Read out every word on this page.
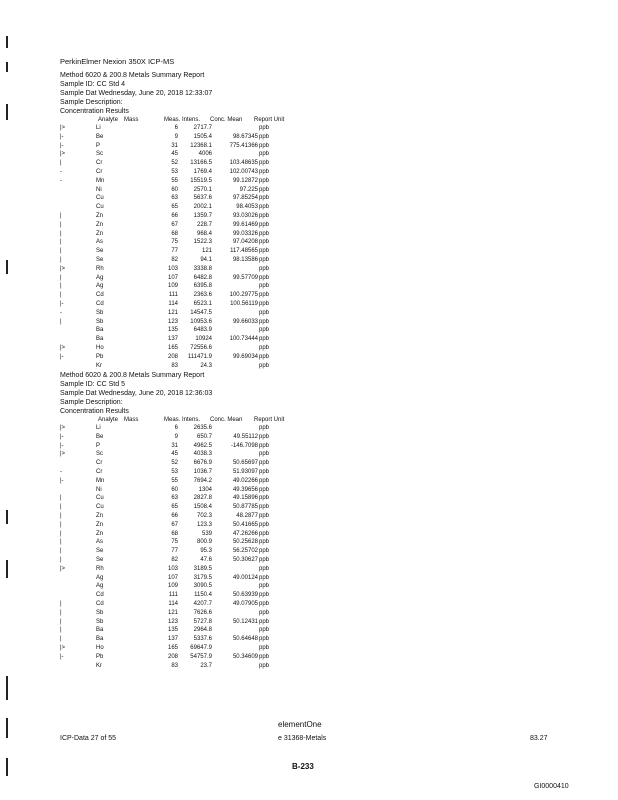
PerkinElmer Nexion 350X ICP-MS
Method 6020 & 200.8 Metals Summary Report
Sample ID: CC Std 4
Sample Dat Wednesday, June 20, 2018 12:33:07
Sample Description:
Concentration Results
Analyte Mass	Meas. Intens. Conc. Mean Report Unit
|>	Li	6	2717.7	ppb
|-	Be	9	1505.4	98.67345 ppb
|-	P	31	12368.1	775.41366 ppb
|>	Sc	45	4006	ppb
|	Cr	52	13166.5	103.48635 ppb
-	Cr	53	1769.4	102.00743 ppb
-	Mn	55	15519.5	99.12872 ppb
Ni	60	2570.1	97.225 ppb
Cu	63	5637.6	97.85254 ppb
Cu	65	2002.1	98.4053 ppb
|	Zn	66	1359.7	93.03026 ppb
|	Zn	67	228.7	99.61469 ppb
|	Zn	68	968.4	99.03326 ppb
|	As	75	1522.3	97.04208 ppb
|	Se	77	121	117.48565 ppb
|	Se	82	94.1	98.13586 ppb
|>	Rh	103	3338.8	ppb
|	Ag	107	6482.8	99.57709 ppb
|	Ag	109	6395.8	ppb
|	Cd	111	2363.6	100.29775 ppb
|-	Cd	114	6523.1	100.56119 ppb
-	Sb	121	14547.5	ppb
|	Sb	123	10953.6	99.66033 ppb
Ba	135	6483.9	ppb
Ba	137	10924	100.73444 ppb
|>	Ho	165	72556.6	ppb
|-	Pb	208	111471.9	99.69034 ppb
Kr	83	24.3	ppb
Method 6020 & 200.8 Metals Summary Report
Sample ID: CC Std 5
Sample Dat Wednesday, June 20, 2018 12:36:03
Sample Description:
Concentration Results
Analyte Mass	Meas. Intens. Conc. Mean Report Unit
|>	Li	6	2635.6	ppb
|-	Be	9	650.7	49.55112 ppb
|-	P	31	4962.5	-146.7098 ppb
|>	Sc	45	4038.3	ppb
Cr	52	6676.9	50.65697 ppb
-	Cr	53	1036.7	51.93097 ppb
|-	Mn	55	7694.2	49.02266 ppb
Ni	60	1304	49.39656 ppb
|	Cu	63	2827.8	49.15896 ppb
|	Cu	65	1508.4	50.87785 ppb
|	Zn	66	702.3	48.2877 ppb
|	Zn	67	123.3	50.41665 ppb
|	Zn	68	539	47.26266 ppb
|	As	75	800.9	50.25628 ppb
|	Se	77	95.3	56.25702 ppb
|	Se	82	47.6	50.30627 ppb
|>	Rh	103	3189.5	ppb
Ag	107	3179.5	49.00124 ppb
Ag	109	3090.5	ppb
Cd	111	1150.4	50.63939 ppb
|	Cd	114	4207.7	49.07905 ppb
|	Sb	121	7626.6	ppb
|	Sb	123	5727.8	50.12431 ppb
|	Ba	135	2964.8	ppb
|	Ba	137	5337.6	50.64648 ppb
|>	Ho	165	69647.9	ppb
|-	Pb	208	54757.9	50.34609 ppb
Kr	83	23.7	ppb
elementOne
ICP-Data 27 of 55	e 31368-Metals	83.27
B-233
GI0000410
